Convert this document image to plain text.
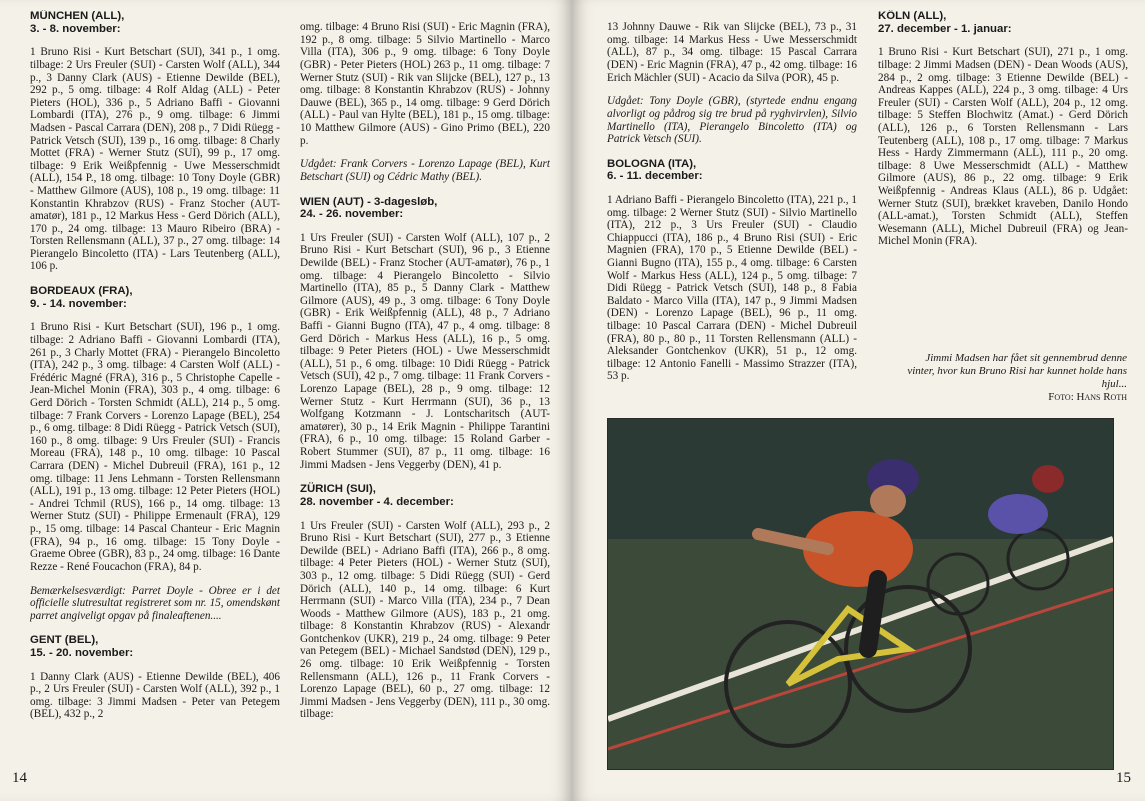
MÜNCHEN (ALL),
3. - 8. november:

1 Bruno Risi - Kurt Betschart (SUI), 341 p., 1 omg. tilbage: 2 Urs Freuler (SUI) - Carsten Wolf (ALL), 344 p., 3 Danny Clark (AUS) - Etienne Dewilde (BEL), 292 p., 5 omg. tilbage: 4 Rolf Aldag (ALL) - Peter Pieters (HOL), 336 p., 5 Adriano Baffi - Giovanni Lombardi (ITA), 276 p., 9 omg. tilbage: 6 Jimmi Madsen - Pascal Carrara (DEN), 208 p., 7 Didi Rüegg - Patrick Vetsch (SUI), 139 p., 16 omg. tilbage: 8 Charly Mottet (FRA) - Werner Stutz (SUI), 99 p., 17 omg. tilbage: 9 Erik Weißpfennig - Uwe Messerschmidt (ALL), 154 P., 18 omg. tilbage: 10 Tony Doyle (GBR) - Matthew Gilmore (AUS), 108 p., 19 omg. tilbage: 11 Konstantin Khrabzov (RUS) - Franz Stocher (AUT-amatør), 181 p., 12 Markus Hess - Gerd Dörich (ALL), 170 p., 24 omg. tilbage: 13 Mauro Ribeiro (BRA) - Torsten Rellensmann (ALL), 37 p., 27 omg. tilbage: 14 Pierangelo Bincoletto (ITA) - Lars Teutenberg (ALL), 106 p.

BORDEAUX (FRA),
9. - 14. november:

1 Bruno Risi - Kurt Betschart (SUI), 196 p., 1 omg. tilbage: 2 Adriano Baffi - Giovanni Lombardi (ITA), 261 p., 3 Charly Mottet (FRA) - Pierangelo Bincoletto (ITA), 242 p., 3 omg. tilbage: 4 Carsten Wolf (ALL) - Frédéric Magné (FRA), 316 p., 5 Christophe Capelle - Jean-Michel Monin (FRA), 303 p., 4 omg. tilbage: 6 Gerd Dörich - Torsten Schmidt (ALL), 214 p., 5 omg. tilbage: 7 Frank Corvers - Lorenzo Lapage (BEL), 254 p., 6 omg. tilbage: 8 Didi Rüegg - Patrick Vetsch (SUI), 160 p., 8 omg. tilbage: 9 Urs Freuler (SUI) - Francis Moreau (FRA), 148 p., 10 omg. tilbage: 10 Pascal Carrara (DEN) - Michel Dubreuil (FRA), 161 p., 12 omg. tilbage: 11 Jens Lehmann - Torsten Rellensmann (ALL), 191 p., 13 omg. tilbage: 12 Peter Pieters (HOL) - Andrei Tchmil (RUS), 166 p., 14 omg. tilbage: 13 Werner Stutz (SUI) - Philippe Ermenault (FRA), 129 p., 15 omg. tilbage: 14 Pascal Chanteur - Eric Magnin (FRA), 94 p., 16 omg. tilbage: 15 Tony Doyle - Graeme Obree (GBR), 83 p., 24 omg. tilbage: 16 Dante Rezze - René Foucachon (FRA), 84 p.

Bemærkelsesværdigt: Parret Doyle - Obree er i det officielle slutresultat registreret som nr. 15, omendskønt parret angiveligt opgav på finaleaftenen....

GENT (BEL),
15. - 20. november:

1 Danny Clark (AUS) - Etienne Dewilde (BEL), 406 p., 2 Urs Freuler (SUI) - Carsten Wolf (ALL), 392 p., 1 omg. tilbage: 3 Jimmi Madsen - Peter van Petegem (BEL), 432 p., 2

omg. tilbage: 4 Bruno Risi (SUI) - Eric Magnin (FRA), 192 p., 8 omg. tilbage: 5 Silvio Martinello - Marco Villa (ITA), 306 p., 9 omg. tilbage: 6 Tony Doyle (GBR) - Peter Pieters (HOL) 263 p., 11 omg. tilbage: 7 Werner Stutz (SUI) - Rik van Slijcke (BEL), 127 p., 13 omg. tilbage: 8 Konstantin Khrabzov (RUS) - Johnny Dauwe (BEL), 365 p., 14 omg. tilbage: 9 Gerd Dörich (ALL) - Paul van Hylte (BEL), 181 p., 15 omg. tilbage: 10 Matthew Gilmore (AUS) - Gino Primo (BEL), 220 p.

Udgået: Frank Corvers - Lorenzo Lapage (BEL), Kurt Betschart (SUI) og Cédric Mathy (BEL).

WIEN (AUT) - 3-dagesløb,
24. - 26. november:

1 Urs Freuler (SUI) - Carsten Wolf (ALL), 107 p., 2 Bruno Risi - Kurt Betschart (SUI), 96 p., 3 Etienne Dewilde (BEL) - Franz Stocher (AUT-amatør), 76 p., 1 omg. tilbage: 4 Pierangelo Bincoletto - Silvio Martinello (ITA), 85 p., 5 Danny Clark - Matthew Gilmore (AUS), 49 p., 3 omg. tilbage: 6 Tony Doyle (GBR) - Erik Weißpfennig (ALL), 48 p., 7 Adriano Baffi - Gianni Bugno (ITA), 47 p., 4 omg. tilbage: 8 Gerd Dörich - Markus Hess (ALL), 16 p., 5 omg. tilbage: 9 Peter Pieters (HOL) - Uwe Messerschmidt (ALL), 51 p., 6 omg. tilbage: 10 Didi Rüegg - Patrick Vetsch (SUI), 42 p., 7 omg. tilbage: 11 Frank Corvers - Lorenzo Lapage (BEL), 28 p., 9 omg. tilbage: 12 Werner Stutz - Kurt Herrmann (SUI), 36 p., 13 Wolfgang Kotzmann - J. Lontscharitsch (AUT-amatører), 30 p., 14 Erik Magnin - Philippe Tarantini (FRA), 6 p., 10 omg. tilbage: 15 Roland Garber - Robert Stummer (SUI), 87 p., 11 omg. tilbage: 16 Jimmi Madsen - Jens Veggerby (DEN), 41 p.

ZÜRICH (SUI),
28. november - 4. december:

1 Urs Freuler (SUI) - Carsten Wolf (ALL), 293 p., 2 Bruno Risi - Kurt Betschart (SUI), 277 p., 3 Etienne Dewilde (BEL) - Adriano Baffi (ITA), 266 p., 8 omg. tilbage: 4 Peter Pieters (HOL) - Werner Stutz (SUI), 303 p., 12 omg. tilbage: 5 Didi Rüegg (SUI) - Gerd Dörich (ALL), 140 p., 14 omg. tilbage: 6 Kurt Herrmann (SUI) - Marco Villa (ITA), 234 p., 7 Dean Woods - Matthew Gilmore (AUS), 183 p., 21 omg. tilbage: 8 Konstantin Khrabzov (RUS) - Alexandr Gontchenkov (UKR), 219 p., 24 omg. tilbage: 9 Peter van Petegem (BEL) - Michael Sandstød (DEN), 129 p., 26 omg. tilbage: 10 Erik Weißpfennig - Torsten Rellensmann (ALL), 126 p., 11 Frank Corvers - Lorenzo Lapage (BEL), 60 p., 27 omg. tilbage: 12 Jimmi Madsen - Jens Veggerby (DEN), 111 p., 30 omg. tilbage:

14

13 Johnny Dauwe - Rik van Slijcke (BEL), 73 p., 31 omg. tilbage: 14 Markus Hess - Uwe Messerschmidt (ALL), 87 p., 34 omg. tilbage: 15 Pascal Carrara (DEN) - Eric Magnin (FRA), 47 p., 42 omg. tilbage: 16 Erich Mächler (SUI) - Acacio da Silva (POR), 45 p.

Udgået: Tony Doyle (GBR), (styrtede endnu engang alvorligt og pådrog sig tre brud på ryghvirvlen), Silvio Martinello (ITA), Pierangelo Bincoletto (ITA) og Patrick Vetsch (SUI).

BOLOGNA (ITA),
6. - 11. december:

1 Adriano Baffi - Pierangelo Bincoletto (ITA), 221 p., 1 omg. tilbage: 2 Werner Stutz (SUI) - Silvio Martinello (ITA), 212 p., 3 Urs Freuler (SUI) - Claudio Chiappucci (ITA), 186 p., 4 Bruno Risi (SUI) - Eric Magnien (FRA), 170 p., 5 Etienne Dewilde (BEL) - Gianni Bugno (ITA), 155 p., 4 omg. tilbage: 6 Carsten Wolf - Markus Hess (ALL), 124 p., 5 omg. tilbage: 7 Didi Rüegg - Patrick Vetsch (SUI), 148 p., 8 Fabia Baldato - Marco Villa (ITA), 147 p., 9 Jimmi Madsen (DEN) - Lorenzo Lapage (BEL), 96 p., 11 omg. tilbage: 10 Pascal Carrara (DEN) - Michel Dubreuil (FRA), 80 p., 80 p., 11 Torsten Rellensmann (ALL) - Aleksander Gontchenkov (UKR), 51 p., 12 omg. tilbage: 12 Antonio Fanelli - Massimo Strazzer (ITA), 53 p.

KÖLN (ALL),
27. december - 1. januar:

1 Bruno Risi - Kurt Betschart (SUI), 271 p., 1 omg. tilbage: 2 Jimmi Madsen (DEN) - Dean Woods (AUS), 284 p., 2 omg. tilbage: 3 Etienne Dewilde (BEL) - Andreas Kappes (ALL), 224 p., 3 omg. tilbage: 4 Urs Freuler (SUI) - Carsten Wolf (ALL), 204 p., 12 omg. tilbage: 5 Steffen Blochwitz (Amat.) - Gerd Dörich (ALL), 126 p., 6 Torsten Rellensmann - Lars Teutenberg (ALL), 108 p., 17 omg. tilbage: 7 Markus Hess - Hardy Zimmermann (ALL), 111 p., 20 omg. tilbage: 8 Uwe Messerschmidt (ALL) - Matthew Gilmore (AUS), 86 p., 22 omg. tilbage: 9 Erik Weißpfennig - Andreas Klaus (ALL), 86 p. Udgået: Werner Stutz (SUI), brækket kraveben, Danilo Hondo (ALL-amat.), Torsten Schmidt (ALL), Steffen Wesemann (ALL), Michel Dubreuil (FRA) og Jean-Michel Monin (FRA).

Jimmi Madsen har fået sit gennembrud denne vinter, hvor kun Bruno Risi har kunnet holde hans hjul...
Foto: Hans Roth
15
